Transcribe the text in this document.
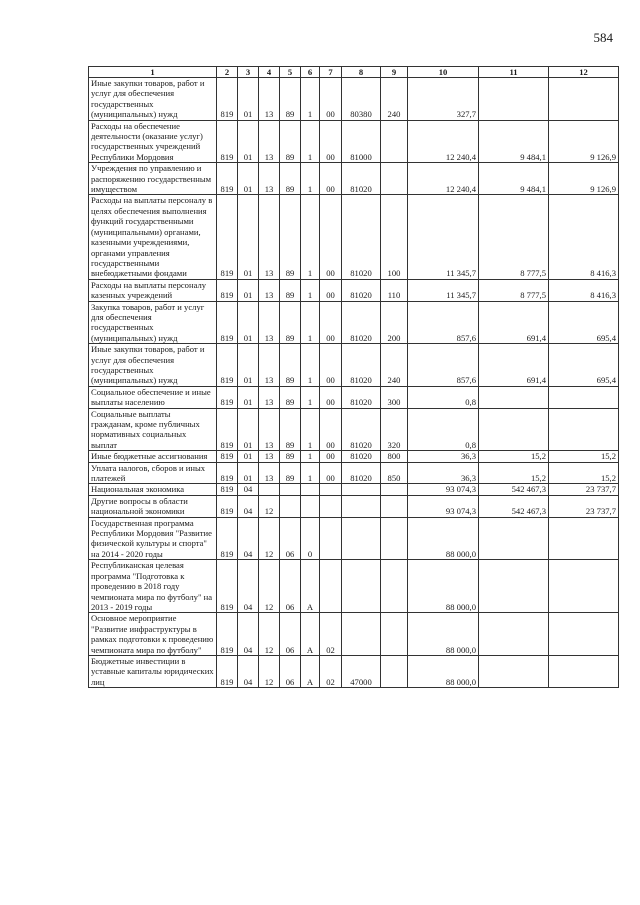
584
1	2	3	4	5	6	7	8	9	10	11	12
Иные закупки товаров, работ и услуг для обеспечения государственных (муниципальных) нужд	819	01	13	89	1	00	80380	240	327,7		
Расходы на обеспечение деятельности (оказание услуг) государственных учреждений Республики Мордовия	819	01	13	89	1	00	81000		12 240,4	9 484,1	9 126,9
Учреждения по управлению и распоряжению государственным имуществом	819	01	13	89	1	00	81020		12 240,4	9 484,1	9 126,9
Расходы на выплаты персоналу в целях обеспечения выполнения функций государственными (муниципальными) органами, казенными учреждениями, органами управления государственными внебюджетными фондами	819	01	13	89	1	00	81020	100	11 345,7	8 777,5	8 416,3
Расходы на выплаты персоналу казенных учреждений	819	01	13	89	1	00	81020	110	11 345,7	8 777,5	8 416,3
Закупка товаров, работ и услуг для обеспечения государственных (муниципальных) нужд	819	01	13	89	1	00	81020	200	857,6	691,4	695,4
Иные закупки товаров, работ и услуг для обеспечения государственных (муниципальных) нужд	819	01	13	89	1	00	81020	240	857,6	691,4	695,4
Социальное обеспечение и иные выплаты населению	819	01	13	89	1	00	81020	300	0,8		
Социальные выплаты гражданам, кроме публичных нормативных социальных выплат	819	01	13	89	1	00	81020	320	0,8		
Иные бюджетные ассигнования	819	01	13	89	1	00	81020	800	36,3	15,2	15,2
Уплата налогов, сборов и иных платежей	819	01	13	89	1	00	81020	850	36,3	15,2	15,2
Национальная экономика	819	04							93 074,3	542 467,3	23 737,7
Другие вопросы в области национальной экономики	819	04	12						93 074,3	542 467,3	23 737,7
Государственная программа Республики Мордовия "Развитие физической культуры и спорта" на 2014 - 2020 годы	819	04	12	06	0				88 000,0		
Республиканская целевая программа "Подготовка к проведению в 2018 году чемпионата мира по футболу" на 2013 - 2019 годы	819	04	12	06	А				88 000,0		
Основное мероприятие "Развитие инфраструктуры в рамках подготовки к проведению чемпионата мира по футболу"	819	04	12	06	А	02			88 000,0		
Бюджетные инвестиции в уставные капиталы юридических лиц	819	04	12	06	А	02	47000		88 000,0		
